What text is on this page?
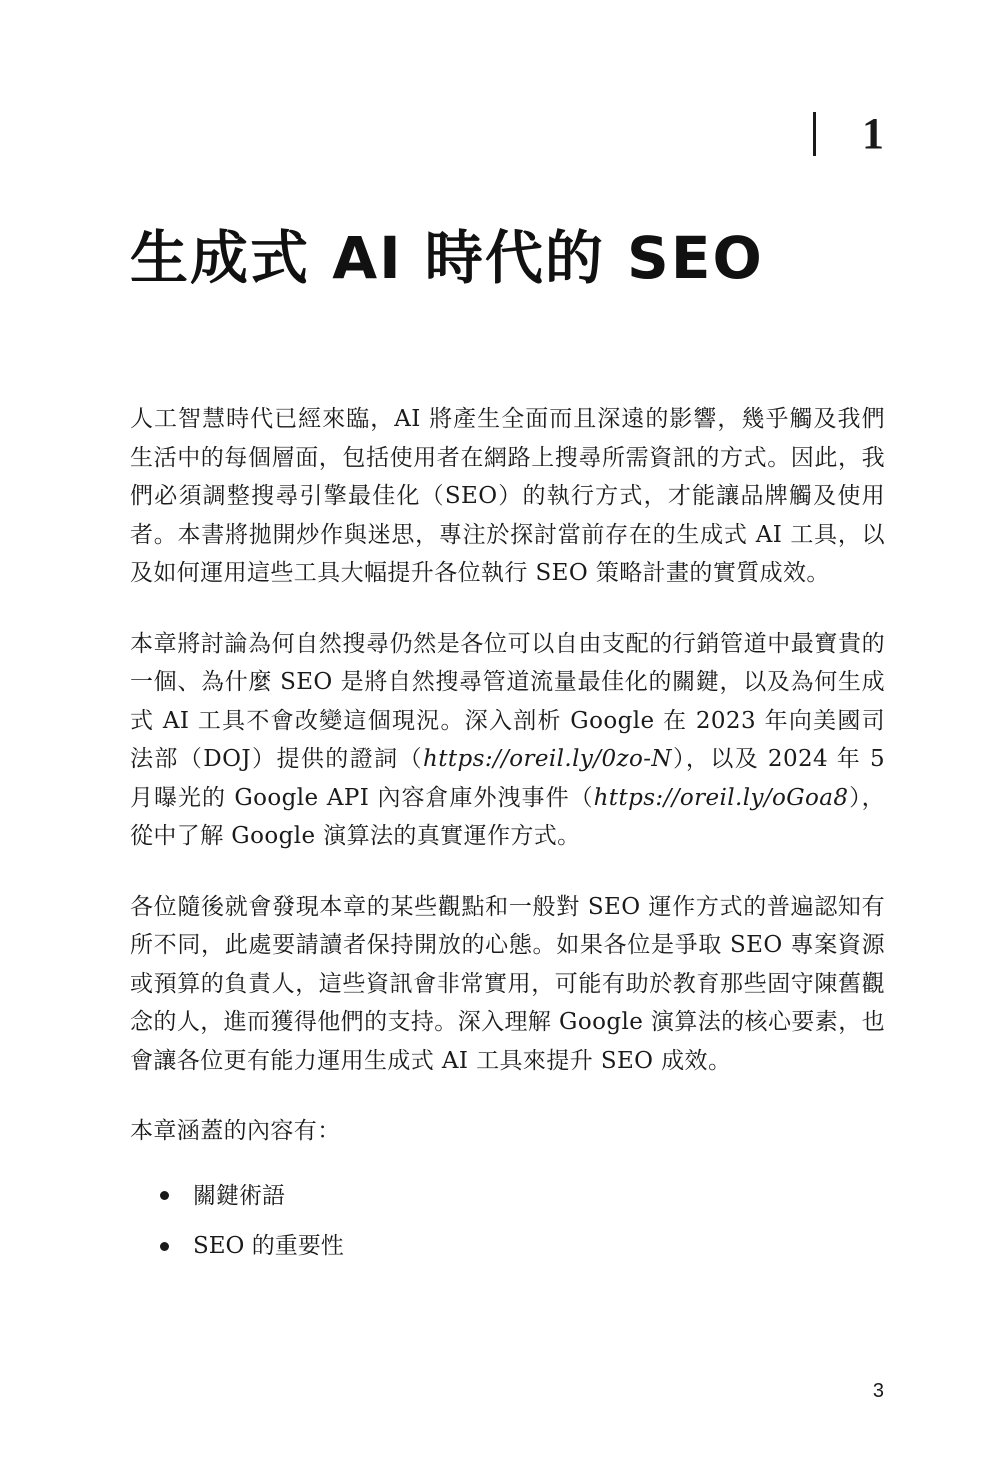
1
生成式 AI 時代的 SEO

人工智慧時代已經來臨，AI 將產生全面而且深遠的影響，幾乎觸及我們生活中的每個層面，包括使用者在網路上搜尋所需資訊的方式。因此，我們必須調整搜尋引擎最佳化（SEO）的執行方式，才能讓品牌觸及使用者。本書將拋開炒作與迷思，專注於探討當前存在的生成式 AI 工具，以及如何運用這些工具大幅提升各位執行 SEO 策略計畫的實質成效。

本章將討論為何自然搜尋仍然是各位可以自由支配的行銷管道中最寶貴的一個、為什麼 SEO 是將自然搜尋管道流量最佳化的關鍵，以及為何生成式 AI 工具不會改變這個現況。深入剖析 Google 在 2023 年向美國司法部（DOJ）提供的證詞（https://oreil.ly/0zo-N），以及 2024 年 5 月曝光的 Google API 內容倉庫外洩事件（https://oreil.ly/oGoa8），從中了解 Google 演算法的真實運作方式。

各位隨後就會發現本章的某些觀點和一般對 SEO 運作方式的普遍認知有所不同，此處要請讀者保持開放的心態。如果各位是爭取 SEO 專案資源或預算的負責人，這些資訊會非常實用，可能有助於教育那些固守陳舊觀念的人，進而獲得他們的支持。深入理解 Google 演算法的核心要素，也會讓各位更有能力運用生成式 AI 工具來提升 SEO 成效。

本章涵蓋的內容有：

關鍵術語
SEO 的重要性
3
